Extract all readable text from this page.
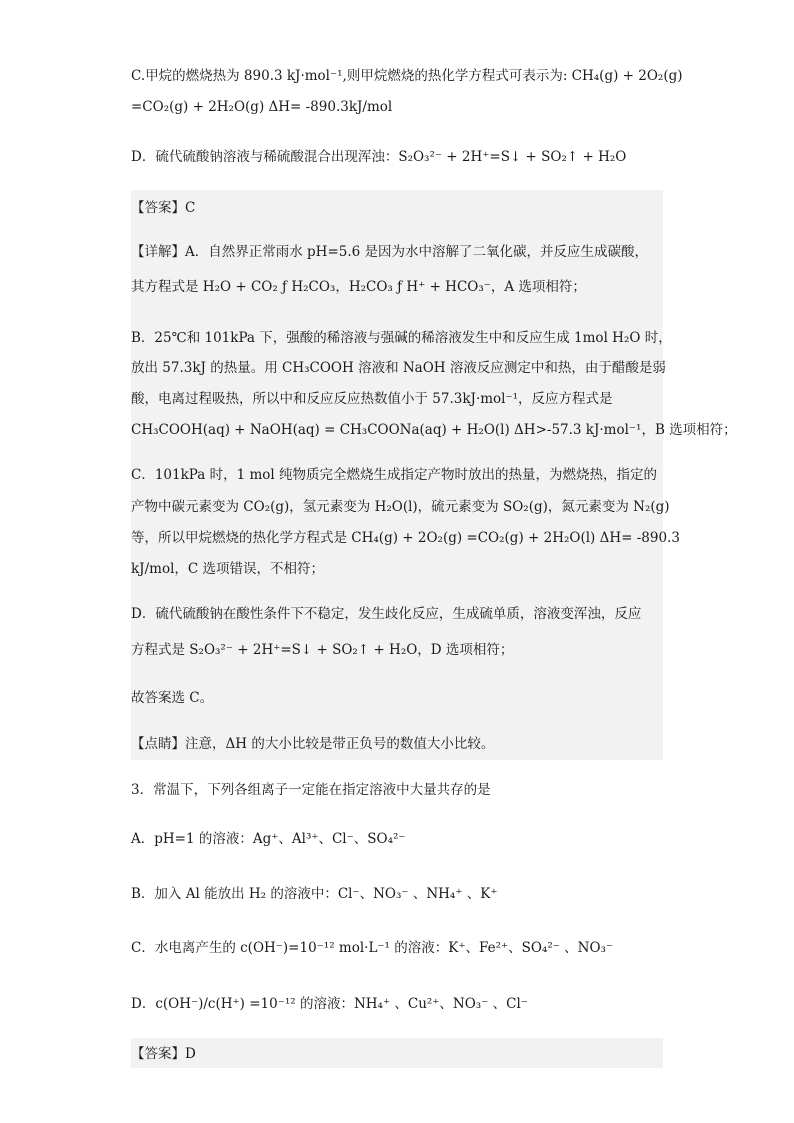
C.甲烷的燃烧热为 890.3 kJ·mol⁻¹,则甲烷燃烧的热化学方程式可表示为: CH₄(g) + 2O₂(g)
=CO₂(g) + 2H₂O(g) ΔH= -890.3kJ/mol
D．硫代硫酸钠溶液与稀硫酸混合出现浑浊：S₂O₃²⁻ + 2H⁺=S↓ + SO₂↑ + H₂O
【答案】C
【详解】A．自然界正常雨水 pH=5.6 是因为水中溶解了二氧化碳，并反应生成碳酸，
其方程式是 H₂O + CO₂ ƒ H₂CO₃，H₂CO₃ ƒ H⁺ + HCO₃⁻，A 选项相符；
B．25℃和 101kPa 下，强酸的稀溶液与强碱的稀溶液发生中和反应生成 1mol H₂O 时，
放出 57.3kJ 的热量。用 CH₃COOH 溶液和 NaOH 溶液反应测定中和热，由于醋酸是弱
酸，电离过程吸热，所以中和反应反应热数值小于 57.3kJ·mol⁻¹，反应方程式是
CH₃COOH(aq) + NaOH(aq) = CH₃COONa(aq) + H₂O(l) ΔH>-57.3 kJ·mol⁻¹，B 选项相符；
C．101kPa 时，1 mol 纯物质完全燃烧生成指定产物时放出的热量，为燃烧热，指定的
产物中碳元素变为 CO₂(g)，氢元素变为 H₂O(l)，硫元素变为 SO₂(g)，氮元素变为 N₂(g)
等，所以甲烷燃烧的热化学方程式是 CH₄(g) + 2O₂(g) =CO₂(g) + 2H₂O(l) ΔH= -890.3
kJ/mol，C 选项错误，不相符；
D．硫代硫酸钠在酸性条件下不稳定，发生歧化反应，生成硫单质，溶液变浑浊，反应
方程式是 S₂O₃²⁻ + 2H⁺=S↓ + SO₂↑ + H₂O，D 选项相符；
故答案选 C。
【点睛】注意，ΔH 的大小比较是带正负号的数值大小比较。
3．常温下，下列各组离子一定能在指定溶液中大量共存的是
A．pH=1 的溶液：Ag⁺、Al³⁺、Cl⁻、SO₄²⁻
B．加入 Al 能放出 H₂ 的溶液中：Cl⁻、NO₃⁻ 、NH₄⁺ 、K⁺
C．水电离产生的 c(OH⁻)=10⁻¹² mol·L⁻¹ 的溶液：K⁺、Fe²⁺、SO₄²⁻ 、NO₃⁻
D．c(OH⁻)/c(H⁺) =10⁻¹² 的溶液：NH₄⁺ 、Cu²⁺、NO₃⁻ 、Cl⁻
【答案】D
